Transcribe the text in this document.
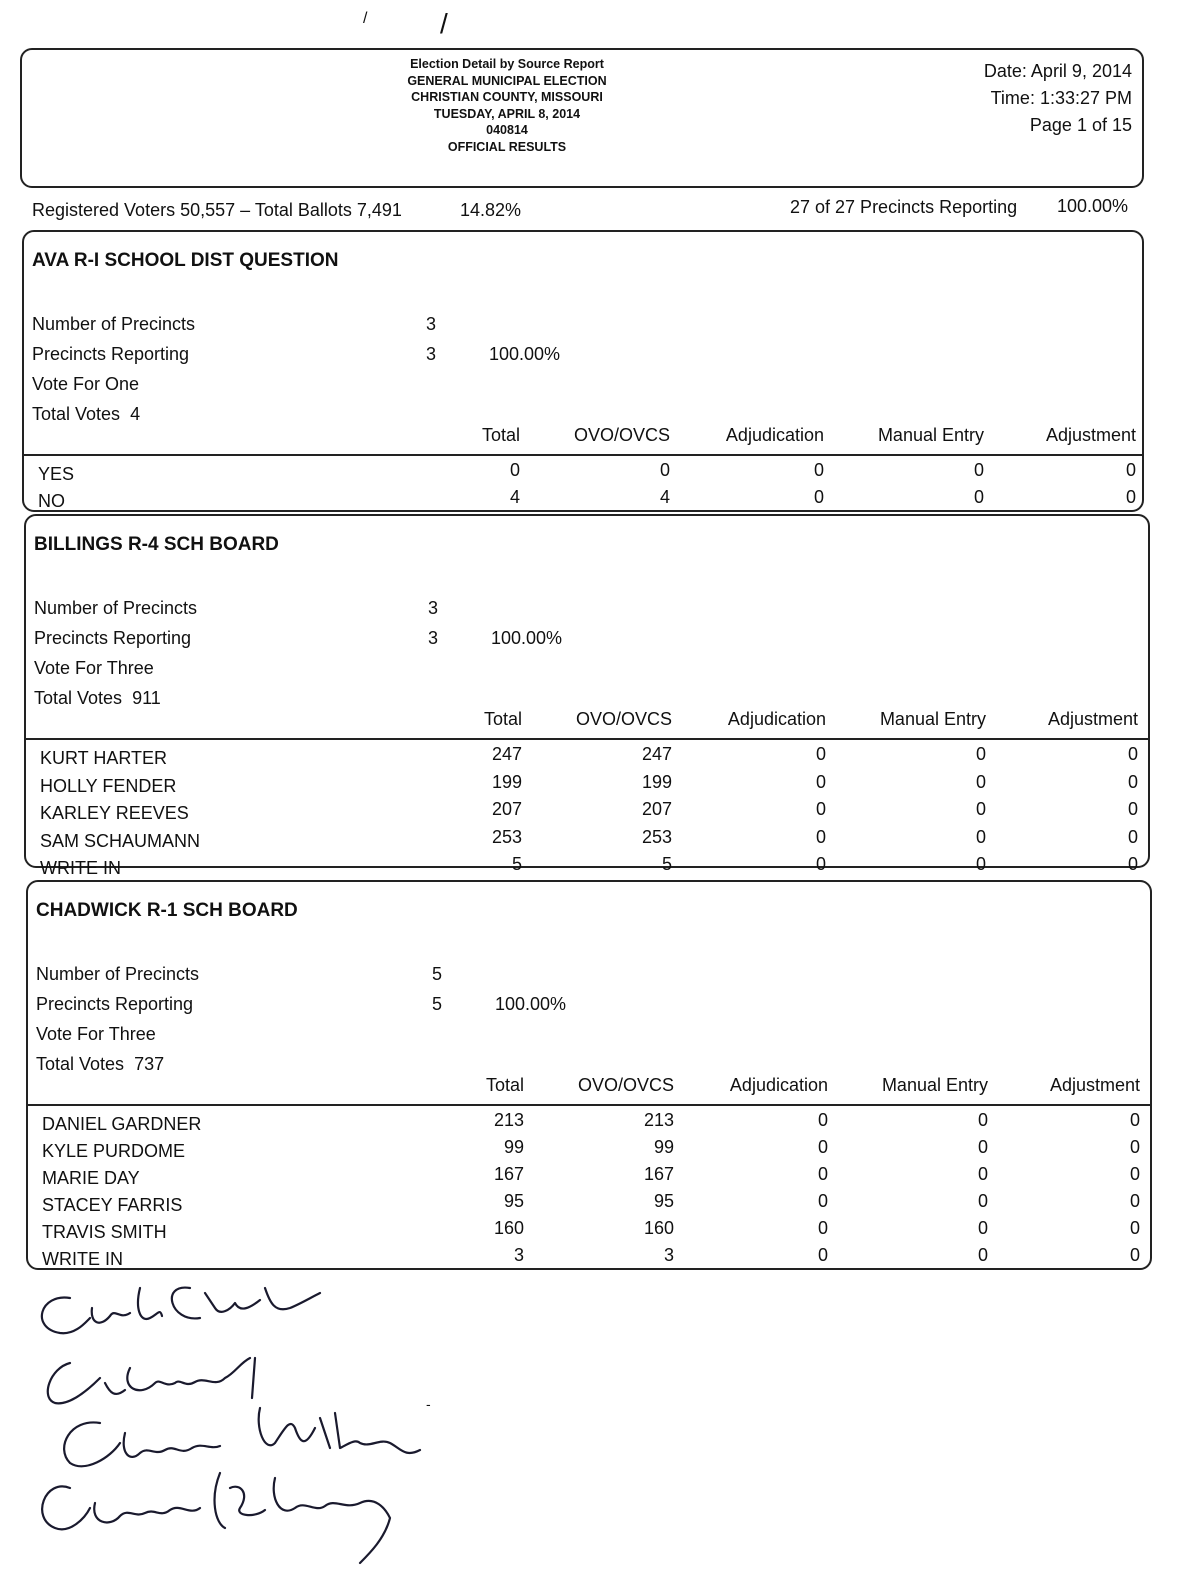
/	/
Election Detail by Source Report
GENERAL MUNICIPAL ELECTION
CHRISTIAN COUNTY, MISSOURI
TUESDAY, APRIL 8, 2014
040814
OFFICIAL RESULTS
Date: April 9, 2014
Time: 1:33:27 PM
Page 1 of 15
Registered Voters 50,557 – Total Ballots 7,491	14.82%	27 of 27 Precincts Reporting 100.00%
AVA R-I SCHOOL DIST QUESTION
Number of Precincts	3
Precincts Reporting	3	100.00%
Vote For One
Total Votes 4
Total	OVO/OVCS	Adjudication	Manual Entry	Adjustment
YES	0	0	0	0	0
NO	4	4	0	0	0
BILLINGS R-4 SCH BOARD
Number of Precincts	3
Precincts Reporting	3	100.00%
Vote For Three
Total Votes 911
Total	OVO/OVCS	Adjudication	Manual Entry	Adjustment
KURT HARTER	247	247	0	0	0
HOLLY FENDER	199	199	0	0	0
KARLEY REEVES	207	207	0	0	0
SAM SCHAUMANN	253	253	0	0	0
WRITE IN	5	5	0	0	0
CHADWICK R-1 SCH BOARD
Number of Precincts	5
Precincts Reporting	5	100.00%
Vote For Three
Total Votes 737
Total	OVO/OVCS	Adjudication	Manual Entry	Adjustment
DANIEL GARDNER	213	213	0	0	0
KYLE PURDOME	99	99	0	0	0
MARIE DAY	167	167	0	0	0
STACEY FARRIS	95	95	0	0	0
TRAVIS SMITH	160	160	0	0	0
WRITE IN	3	3	0	0	0
-
